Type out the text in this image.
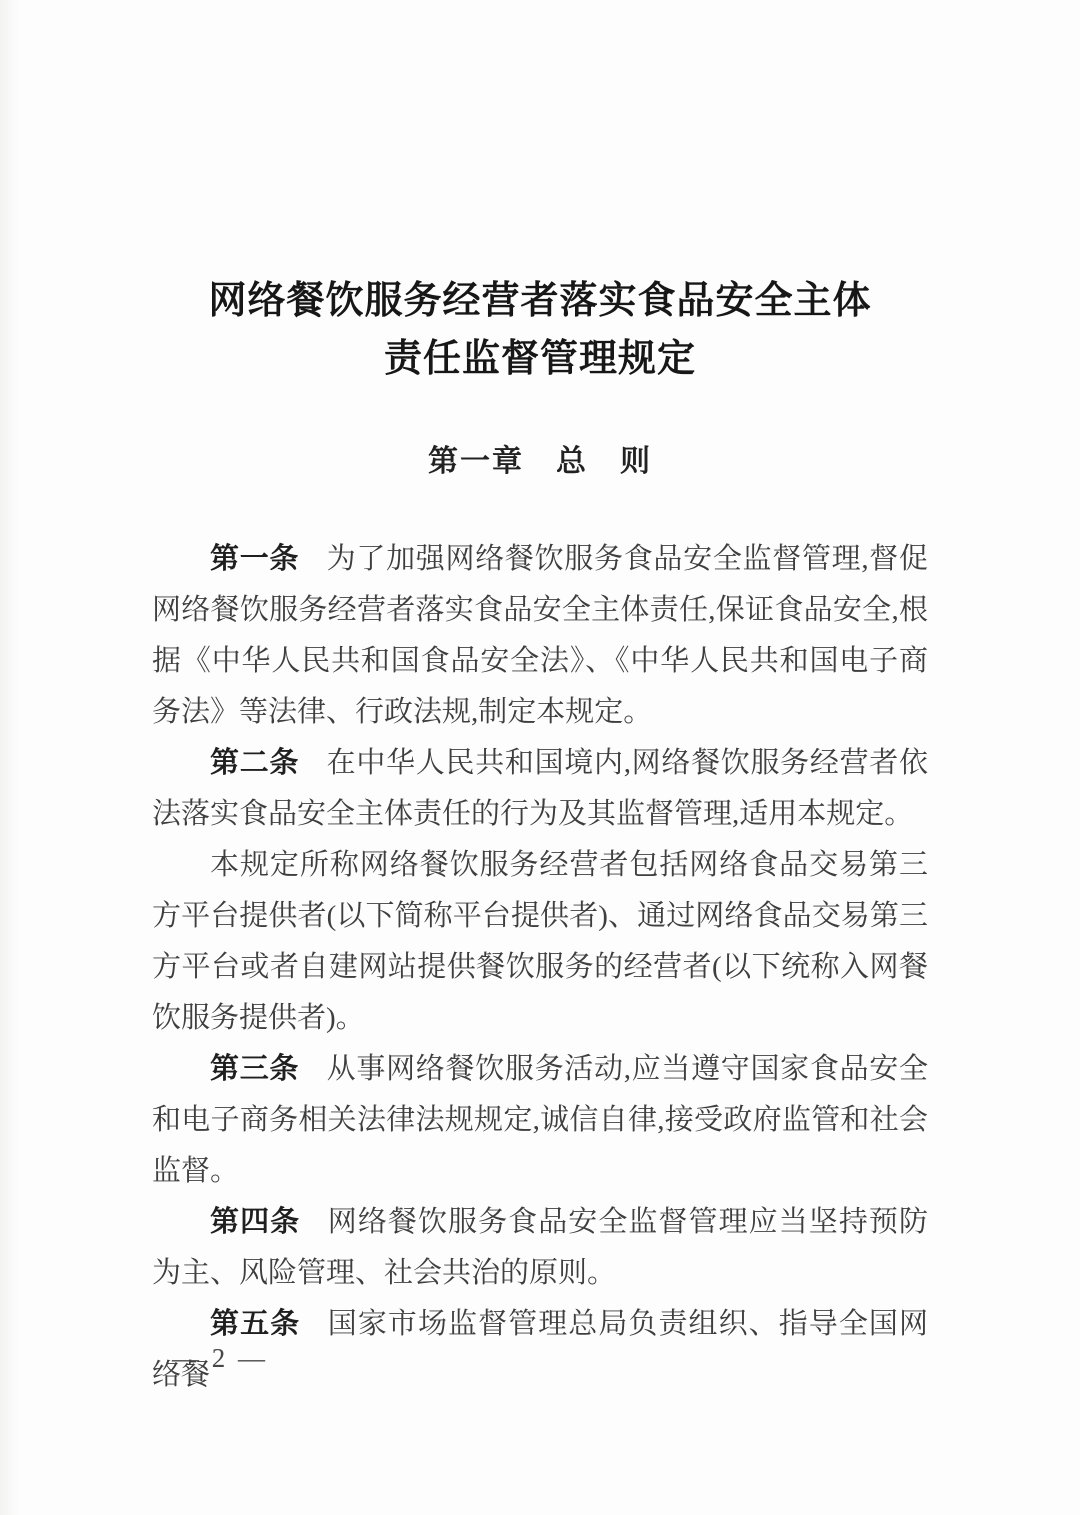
网络餐饮服务经营者落实食品安全主体
责任监督管理规定
第一章　总　则

第一条 为了加强网络餐饮服务食品安全监督管理,督促网络餐饮服务经营者落实食品安全主体责任,保证食品安全,根据《中华人民共和国食品安全法》、《中华人民共和国电子商务法》等法律、行政法规,制定本规定。

第二条 在中华人民共和国境内,网络餐饮服务经营者依法落实食品安全主体责任的行为及其监督管理,适用本规定。

本规定所称网络餐饮服务经营者包括网络食品交易第三方平台提供者(以下简称平台提供者)、通过网络食品交易第三方平台或者自建网站提供餐饮服务的经营者(以下统称入网餐饮服务提供者)。

第三条 从事网络餐饮服务活动,应当遵守国家食品安全和电子商务相关法律法规规定,诚信自律,接受政府监管和社会监督。

第四条 网络餐饮服务食品安全监督管理应当坚持预防为主、风险管理、社会共治的原则。

第五条 国家市场监督管理总局负责组织、指导全国网络餐

— 2 —
